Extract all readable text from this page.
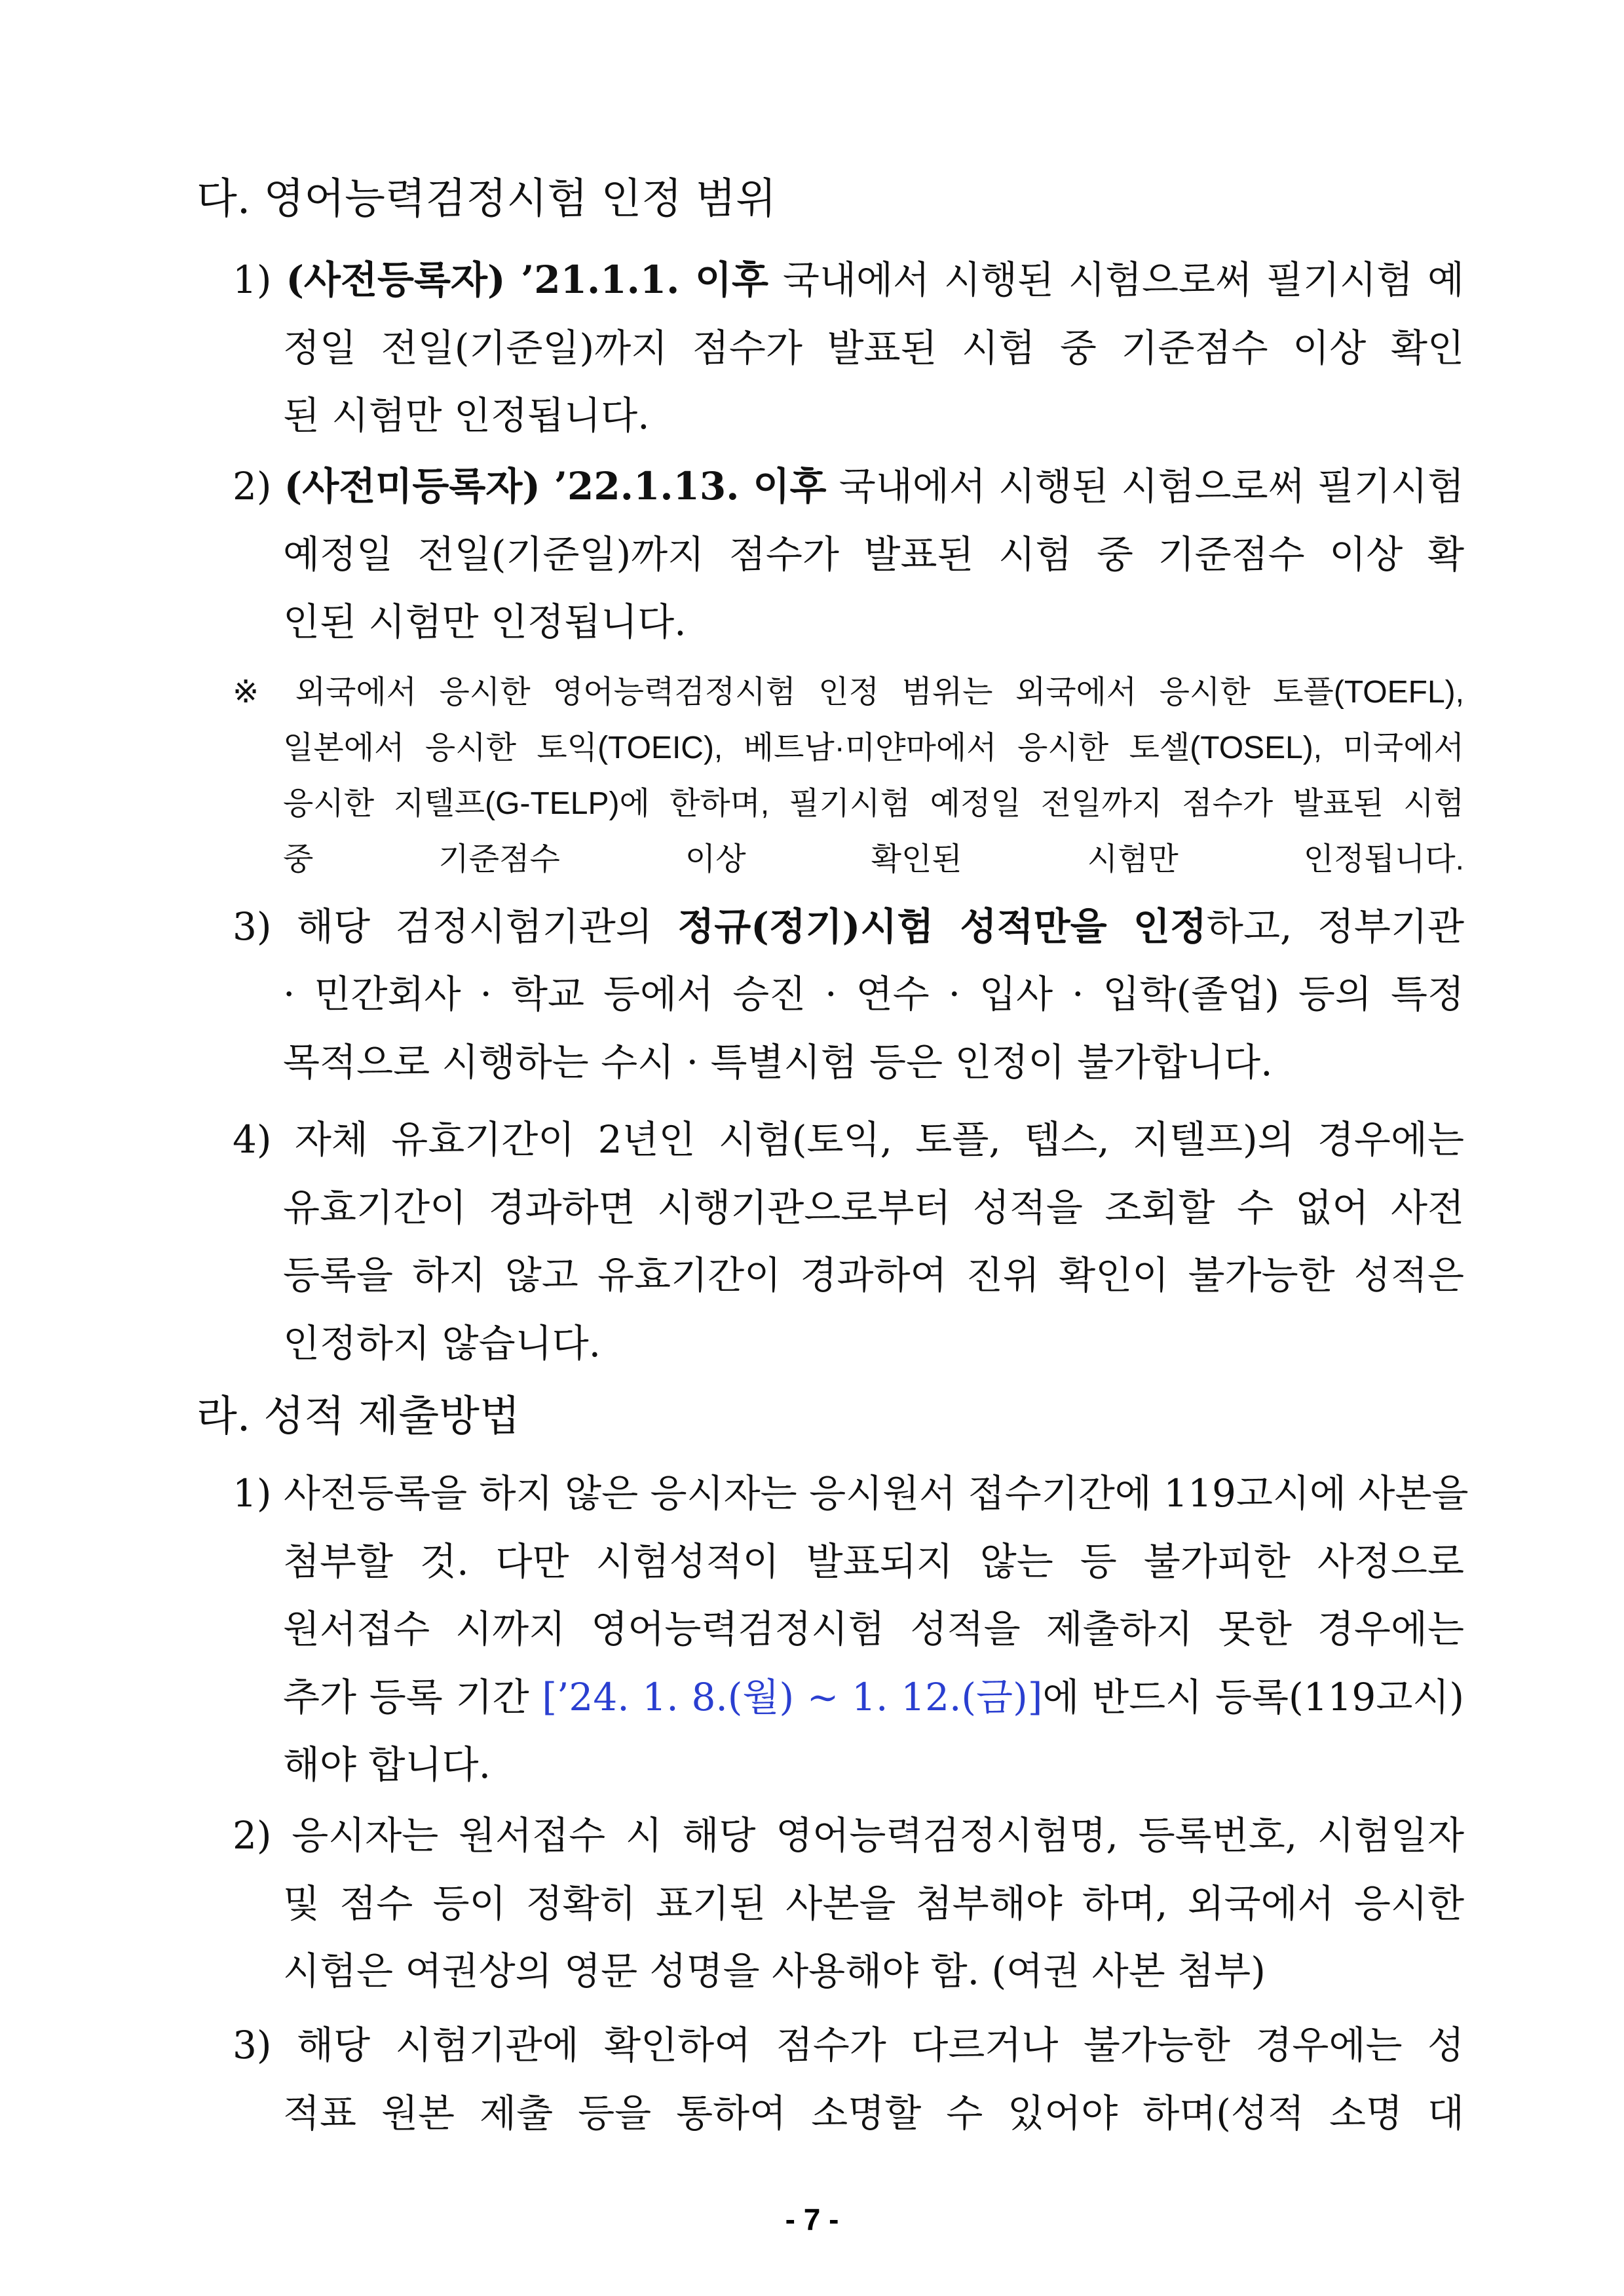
다. 영어능력검정시험 인정 범위
1) (사전등록자) ’21.1.1. 이후 국내에서 시행된 시험으로써 필기시험 예
정일 전일(기준일)까지 점수가 발표된 시험 중 기준점수 이상 확인
된 시험만 인정됩니다.
2) (사전미등록자) ’22.1.13. 이후 국내에서 시행된 시험으로써 필기시험
예정일 전일(기준일)까지 점수가 발표된 시험 중 기준점수 이상 확
인된 시험만 인정됩니다.
※ 외국에서 응시한 영어능력검정시험 인정 범위는 외국에서 응시한 토플(TOEFL),
일본에서 응시한 토익(TOEIC), 베트남·미얀마에서 응시한 토셀(TOSEL), 미국에서
응시한 지텔프(G-TELP)에 한하며, 필기시험 예정일 전일까지 점수가 발표된 시험
중 기준점수 이상 확인된 시험만 인정됩니다.
3) 해당 검정시험기관의 정규(정기)시험 성적만을 인정하고, 정부기관
· 민간회사 · 학교 등에서 승진 · 연수 · 입사 · 입학(졸업) 등의 특정
목적으로 시행하는 수시 · 특별시험 등은 인정이 불가합니다.
4) 자체 유효기간이 2년인 시험(토익, 토플, 텝스, 지텔프)의 경우에는
유효기간이 경과하면 시행기관으로부터 성적을 조회할 수 없어 사전
등록을 하지 않고 유효기간이 경과하여 진위 확인이 불가능한 성적은
인정하지 않습니다.
라. 성적 제출방법
1) 사전등록을 하지 않은 응시자는 응시원서 접수기간에 119고시에 사본을
첨부할 것. 다만 시험성적이 발표되지 않는 등 불가피한 사정으로
원서접수 시까지 영어능력검정시험 성적을 제출하지 못한 경우에는
추가 등록 기간 [’24. 1. 8.(월) ∼ 1. 12.(금)]에 반드시 등록(119고시)
해야 합니다.
2) 응시자는 원서접수 시 해당 영어능력검정시험명, 등록번호, 시험일자
및 점수 등이 정확히 표기된 사본을 첨부해야 하며, 외국에서 응시한
시험은 여권상의 영문 성명을 사용해야 함. (여권 사본 첨부)
3) 해당 시험기관에 확인하여 점수가 다르거나 불가능한 경우에는 성
적표 원본 제출 등을 통하여 소명할 수 있어야 하며(성적 소명 대
- 7 -
